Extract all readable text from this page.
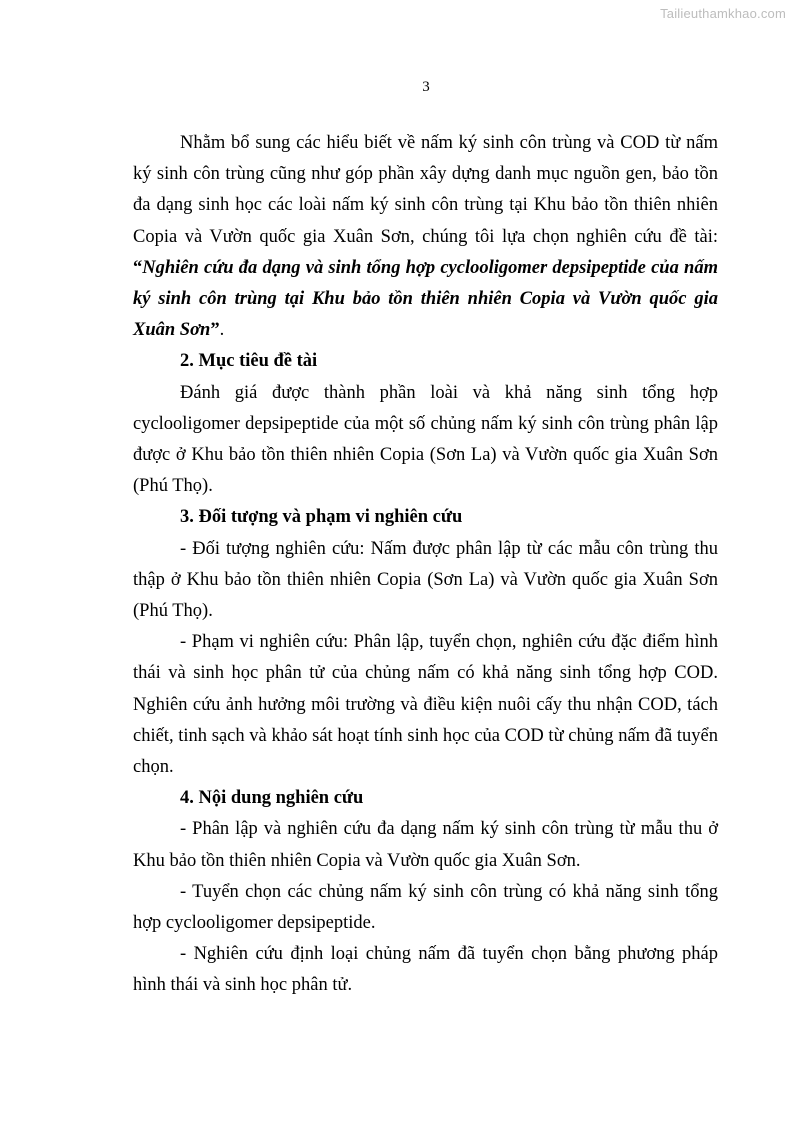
Tailieuthamkhao.com
3

Nhằm bổ sung các hiểu biết về nấm ký sinh côn trùng và COD từ nấm ký sinh côn trùng cũng như góp phần xây dựng danh mục nguồn gen, bảo tồn đa dạng sinh học các loài nấm ký sinh côn trùng tại Khu bảo tồn thiên nhiên Copia và Vườn quốc gia Xuân Sơn, chúng tôi lựa chọn nghiên cứu đề tài: “Nghiên cứu đa dạng và sinh tổng hợp cyclooligomer depsipeptide của nấm ký sinh côn trùng tại Khu bảo tồn thiên nhiên Copia và Vườn quốc gia Xuân Sơn”.

2. Mục tiêu đề tài

Đánh giá được thành phần loài và khả năng sinh tổng hợp cyclooligomer depsipeptide của một số chủng nấm ký sinh côn trùng phân lập được ở Khu bảo tồn thiên nhiên Copia (Sơn La) và Vườn quốc gia Xuân Sơn (Phú Thọ).

3. Đối tượng và phạm vi nghiên cứu

- Đối tượng nghiên cứu: Nấm được phân lập từ các mẫu côn trùng thu thập ở Khu bảo tồn thiên nhiên Copia (Sơn La) và Vườn quốc gia Xuân Sơn (Phú Thọ).

- Phạm vi nghiên cứu: Phân lập, tuyển chọn, nghiên cứu đặc điểm hình thái và sinh học phân tử của chủng nấm có khả năng sinh tổng hợp COD. Nghiên cứu ảnh hưởng môi trường và điều kiện nuôi cấy thu nhận COD, tách chiết, tinh sạch và khảo sát hoạt tính sinh học của COD từ chủng nấm đã tuyển chọn.

4. Nội dung nghiên cứu

- Phân lập và nghiên cứu đa dạng nấm ký sinh côn trùng từ mẫu thu ở Khu bảo tồn thiên nhiên Copia và Vườn quốc gia Xuân Sơn.

- Tuyển chọn các chủng nấm ký sinh côn trùng có khả năng sinh tổng hợp cyclooligomer depsipeptide.

- Nghiên cứu định loại chủng nấm đã tuyển chọn bằng phương pháp hình thái và sinh học phân tử.
